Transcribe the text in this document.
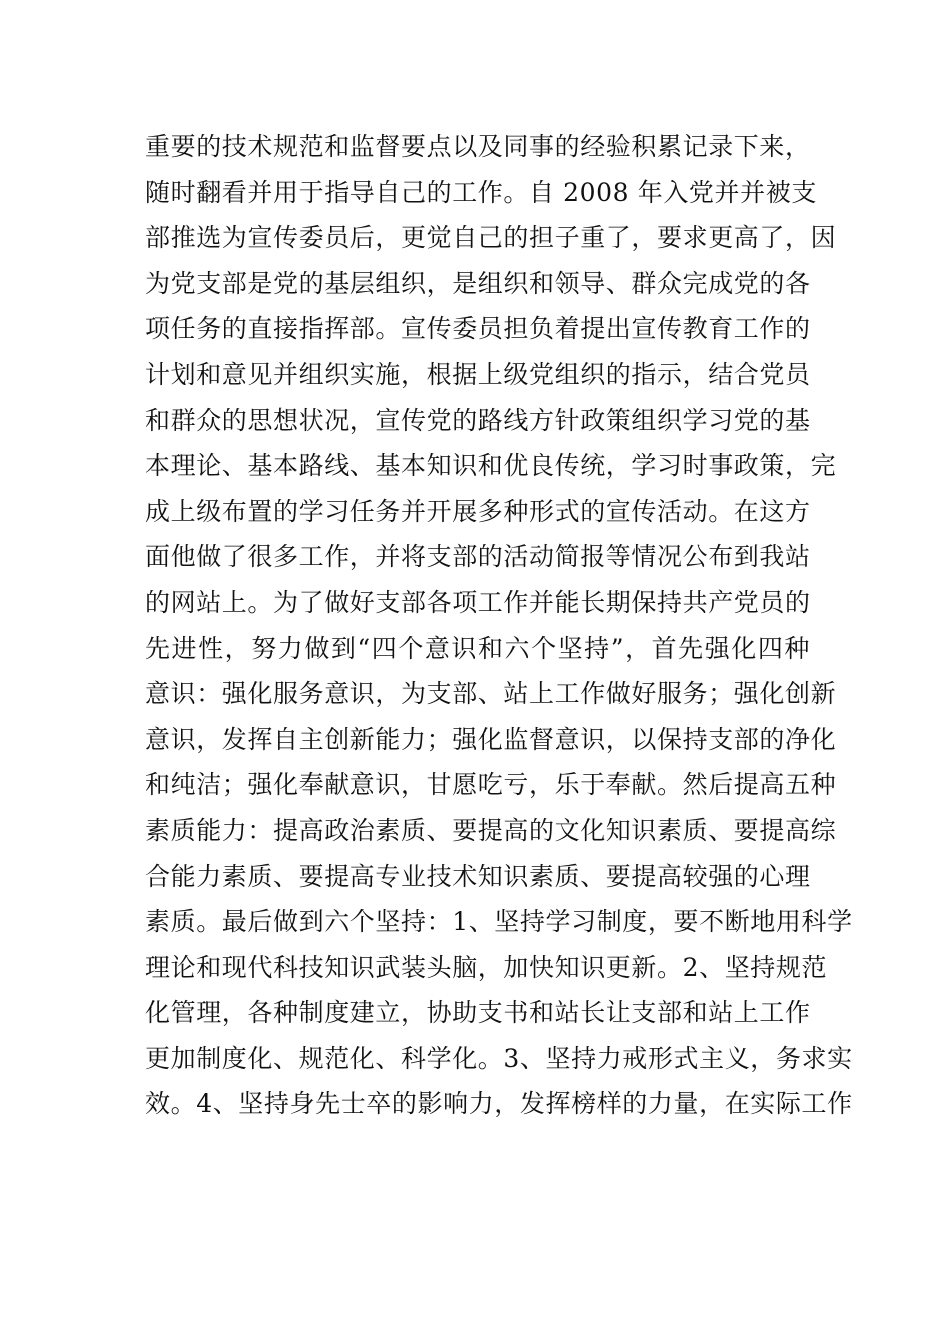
重要的技术规范和监督要点以及同事的经验积累记录下来，
随时翻看并用于指导自己的工作。自 2008 年入党并并被支
部推选为宣传委员后，更觉自己的担子重了，要求更高了，因
为党支部是党的基层组织，是组织和领导、群众完成党的各
项任务的直接指挥部。宣传委员担负着提出宣传教育工作的
计划和意见并组织实施，根据上级党组织的指示，结合党员
和群众的思想状况，宣传党的路线方针政策组织学习党的基
本理论、基本路线、基本知识和优良传统，学习时事政策，完
成上级布置的学习任务并开展多种形式的宣传活动。在这方
面他做了很多工作，并将支部的活动简报等情况公布到我站
的网站上。为了做好支部各项工作并能长期保持共产党员的
先进性，努力做到“四个意识和六个坚持”，首先强化四种
意识：强化服务意识，为支部、站上工作做好服务；强化创新
意识，发挥自主创新能力；强化监督意识，以保持支部的净化
和纯洁；强化奉献意识，甘愿吃亏，乐于奉献。然后提高五种
素质能力：提高政治素质、要提高的文化知识素质、要提高综
合能力素质、要提高专业技术知识素质、要提高较强的心理
素质。最后做到六个坚持：1、坚持学习制度，要不断地用科学
理论和现代科技知识武装头脑，加快知识更新。2、坚持规范
化管理，各种制度建立，协助支书和站长让支部和站上工作
更加制度化、规范化、科学化。3、坚持力戒形式主义，务求实
效。4、坚持身先士卒的影响力，发挥榜样的力量，在实际工作
